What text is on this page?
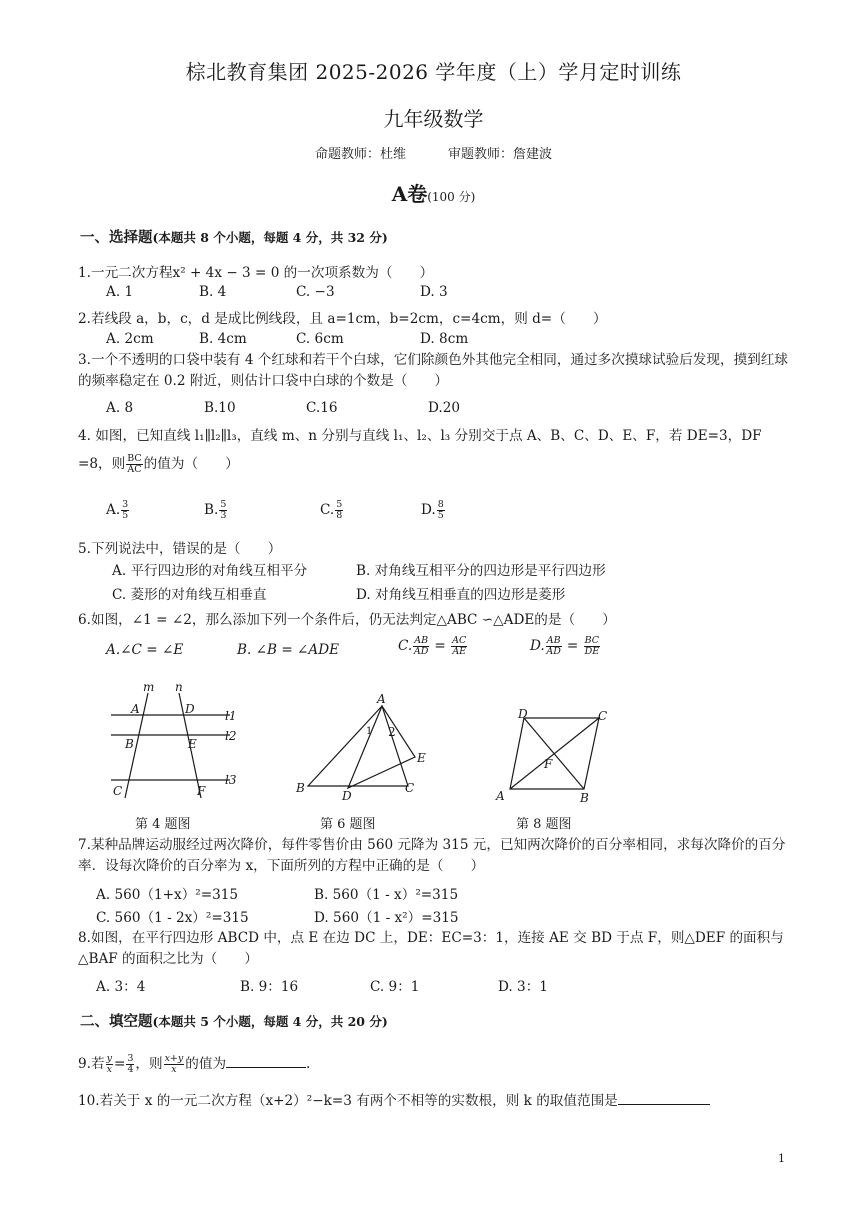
棕北教育集团 2025-2026 学年度（上）学月定时训练
九年级数学
命题教师：杜维	审题教师：詹建波
A卷(100 分)
一、选择题(本题共 8 个小题，每题 4 分，共 32 分)
1.一元二次方程x² + 4x − 3 = 0 的一次项系数为（　　）
A. 1	B. 4	C. −3	D. 3
2.若线段 a，b，c，d 是成比例线段，且 a=1cm，b=2cm，c=4cm，则 d=（　　）
A. 2cm	B. 4cm	C. 6cm	D. 8cm
3.一个不透明的口袋中装有 4 个红球和若干个白球，它们除颜色外其他完全相同，通过多次摸球试验后发现，摸到红球的频率稳定在 0.2 附近，则估计口袋中白球的个数是（　　）
A. 8	B.10	C.16	D.20
4. 如图，已知直线 l₁∥l₂∥l₃，直线 m、n 分别与直线 l₁、l₂、l₃ 分别交于点 A、B、C、D、E、F，若 DE=3，DF
=8，则 $\frac{BC}{AC}$ 的值为（　　）
A. $\frac{3}{5}$	B. $\frac{5}{3}$	C. $\frac{5}{8}$	D. $\frac{8}{5}$
5.下列说法中，错误的是（　　）
A. 平行四边形的对角线互相平分	B. 对角线互相平分的四边形是平行四边形
C. 菱形的对角线互相垂直	D. 对角线互相垂直的四边形是菱形
6.如图，∠1 = ∠2，那么添加下列一个条件后，仍无法判定△ABC ∽△ADE的是（　　）
A.∠C = ∠E	B. ∠B = ∠ADE	C. $\frac{AB}{AD} = \frac{AC}{AE}$	D. $\frac{AB}{AD} = \frac{BC}{DE}$
m n
A	D
B	E
C	F
l1
l2
l3
第 4 题图
A
B	C
D
E
1 2
第 6 题图
D	C
A	B
F
第 8 题图
7.某种品牌运动服经过两次降价，每件零售价由 560 元降为 315 元，已知两次降价的百分率相同，求每次降价的百分率．设每次降价的百分率为 x，下面所列的方程中正确的是（　　）
A. 560（1+x）²=315	B. 560（1 - x）²=315
C. 560（1 - 2x）²=315	D. 560（1 - x²）=315
8.如图，在平行四边形 ABCD 中，点 E 在边 DC 上，DE：EC=3：1，连接 AE 交 BD 于点 F，则△DEF 的面积与△BAF 的面积之比为（　　）
A. 3：4	B. 9：16	C. 9：1	D. 3：1
二、填空题(本题共 5 个小题，每题 4 分，共 20 分)
9.若 $\frac{y}{x} = \frac{3}{4}$ ，则 $\frac{x+y}{x}$ 的值为	.
10.若关于 x 的一元二次方程（x+2）²−k=3 有两个不相等的实数根，则 k 的取值范围是
1
